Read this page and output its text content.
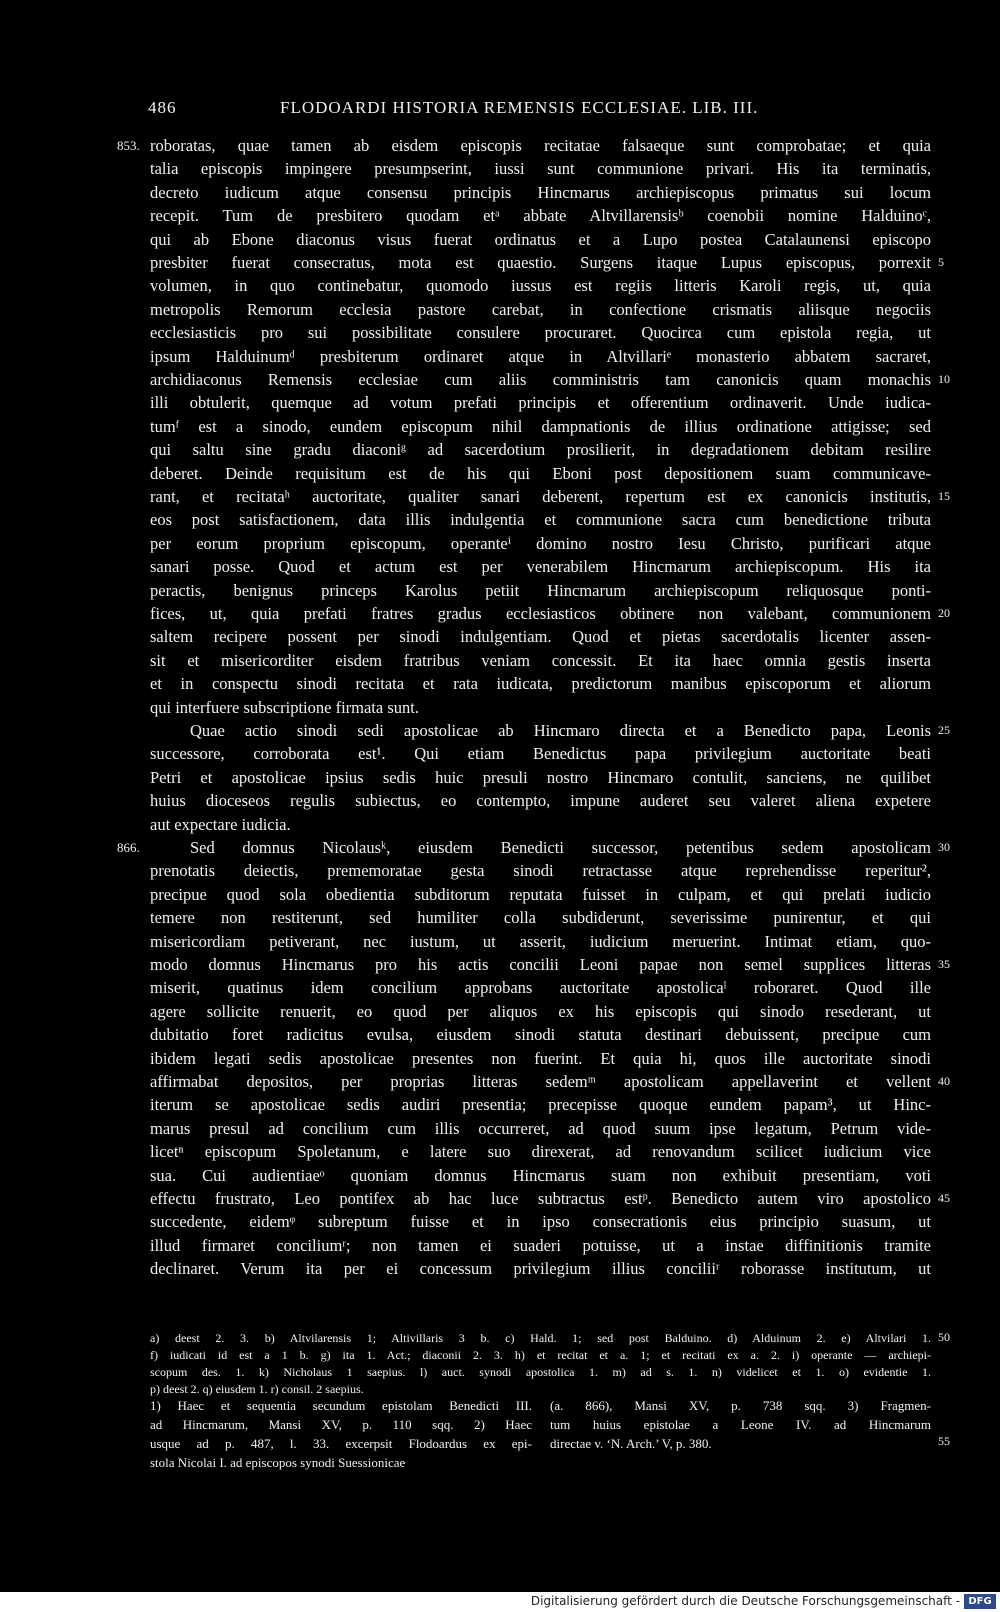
486	FLODOARDI HISTORIA REMENSIS ECCLESIAE. LIB. III.
roboratas, quae tamen ab eisdem episcopis recitatae falsaeque sunt comprobatae; et quia
talia episcopis impingere presumpserint, iussi sunt communione privari. His ita terminatis,
decreto iudicum atque consensu principis Hincmarus archiepiscopus primatus sui locum
recepit. Tum de presbitero quodam etᵃ abbate Altvillarensisᵇ coenobii nomine Halduinoᶜ,
qui ab Ebone diaconus visus fuerat ordinatus et a Lupo postea Catalaunensi episcopo
presbiter fuerat consecratus, mota est quaestio. Surgens itaque Lupus episcopus, porrexit
volumen, in quo continebatur, quomodo iussus est regiis litteris Karoli regis, ut, quia
metropolis Remorum ecclesia pastore carebat, in confectione crismatis aliisque negociis
ecclesiasticis pro sui possibilitate consulere procuraret. Quocirca cum epistola regia, ut
ipsum Halduinumᵈ presbiterum ordinaret atque in Altvillariᵉ monasterio abbatem sacraret,
archidiaconus Remensis ecclesiae cum aliis comministris tam canonicis quam monachis
illi obtulerit, quemque ad votum prefati principis et offerentium ordinaverit. Unde iudica-
tumᶠ est a sinodo, eundem episcopum nihil dampnationis de illius ordinatione attigisse; sed
qui saltu sine gradu diaconiᵍ ad sacerdotium prosilierit, in degradationem debitam resilire
deberet. Deinde requisitum est de his qui Eboni post depositionem suam communicave-
rant, et recitataʰ auctoritate, qualiter sanari deberent, repertum est ex canonicis institutis,
eos post satisfactionem, data illis indulgentia et communione sacra cum benedictione tributa
per eorum proprium episcopum, operanteⁱ domino nostro Iesu Christo, purificari atque
sanari posse. Quod et actum est per venerabilem Hincmarum archiepiscopum. His ita
peractis, benignus princeps Karolus petiit Hincmarum archiepiscopum reliquosque ponti-
fices, ut, quia prefati fratres gradus ecclesiasticos obtinere non valebant, communionem
saltem recipere possent per sinodi indulgentiam. Quod et pietas sacerdotalis licenter assen-
sit et misericorditer eisdem fratribus veniam concessit. Et ita haec omnia gestis inserta
et in conspectu sinodi recitata et rata iudicata, predictorum manibus episcoporum et aliorum
qui interfuere subscriptione firmata sunt.
Quae actio sinodi sedi apostolicae ab Hincmaro directa et a Benedicto papa, Leonis
successore, corroborata est¹. Qui etiam Benedictus papa privilegium auctoritate beati
Petri et apostolicae ipsius sedis huic presuli nostro Hincmaro contulit, sanciens, ne quilibet
huius dioceseos regulis subiectus, eo contempto, impune auderet seu valeret aliena expetere
aut expectare iudicia.
Sed domnus Nicolausᵏ, eiusdem Benedicti successor, petentibus sedem apostolicam
prenotatis deiectis, prememoratae gesta sinodi retractasse atque reprehendisse reperitur²,
precipue quod sola obedientia subditorum reputata fuisset in culpam, et qui prelati iudicio
temere non restiterunt, sed humiliter colla subdiderunt, severissime punirentur, et qui
misericordiam petiverant, nec iustum, ut asserit, iudicium meruerint. Intimat etiam, quo-
modo domnus Hincmarus pro his actis concilii Leoni papae non semel supplices litteras
miserit, quatinus idem concilium approbans auctoritate apostolicaˡ roboraret. Quod ille
agere sollicite renuerit, eo quod per aliquos ex his episcopis qui sinodo resederant, ut
dubitatio foret radicitus evulsa, eiusdem sinodi statuta destinari debuissent, precipue cum
ibidem legati sedis apostolicae presentes non fuerint. Et quia hi, quos ille auctoritate sinodi
affirmabat depositos, per proprias litteras sedemᵐ apostolicam appellaverint et vellent
iterum se apostolicae sedis audiri presentia; precepisse quoque eundem papam³, ut Hinc-
marus presul ad concilium cum illis occurreret, ad quod suum ipse legatum, Petrum vide-
licetⁿ episcopum Spoletanum, e latere suo direxerat, ad renovandum scilicet iudicium vice
sua. Cui audientiaeᵒ quoniam domnus Hincmarus suam non exhibuit presentiam, voti
effectu frustrato, Leo pontifex ab hac luce subtractus estᵖ. Benedicto autem viro apostolico
succedente, eidemᵠ subreptum fuisse et in ipso consecrationis eius principio suasum, ut
illud firmaret conciliumʳ; non tamen ei suaderi potuisse, ut a instae diffinitionis tramite
declinaret. Verum ita per ei concessum privilegium illius conciliiʳ roborasse institutum, ut
853.
866.
5
10
15
20
25
30
35
40
45
50
55
a) deest 2. 3. b) Altvilarensis 1; Altivillaris 3 b. c) Hald. 1; sed post Balduino. d) Alduinum 2. e) Altvilari 1.
f) iudicati id est a 1 b. g) ita 1. Act.; diaconii 2. 3. h) et recitat et a. 1; et recitati ex a. 2. i) operante — archiepi-
scopum des. 1. k) Nicholaus 1 saepius. l) auct. synodi apostolica 1. m) ad s. 1. n) videlicet et 1. o) evidentie 1.
p) deest 2. q) eiusdem 1. r) consil. 2 saepius.
1) Haec et sequentia secundum epistolam Benedicti III.
ad Hincmarum, Mansi XV, p. 110 sqq. 2) Haec
usque ad p. 487, l. 33. excerpsit Flodoardus ex epi-
stola Nicolai I. ad episcopos synodi Suessionicae
(a. 866), Mansi XV, p. 738 sqq. 3) Fragmen-
tum huius epistolae a Leone IV. ad Hincmarum
directae v. ‘N. Arch.’ V, p. 380.
Digitalisierung gefördert durch die Deutsche Forschungsgemeinschaft - DFG
